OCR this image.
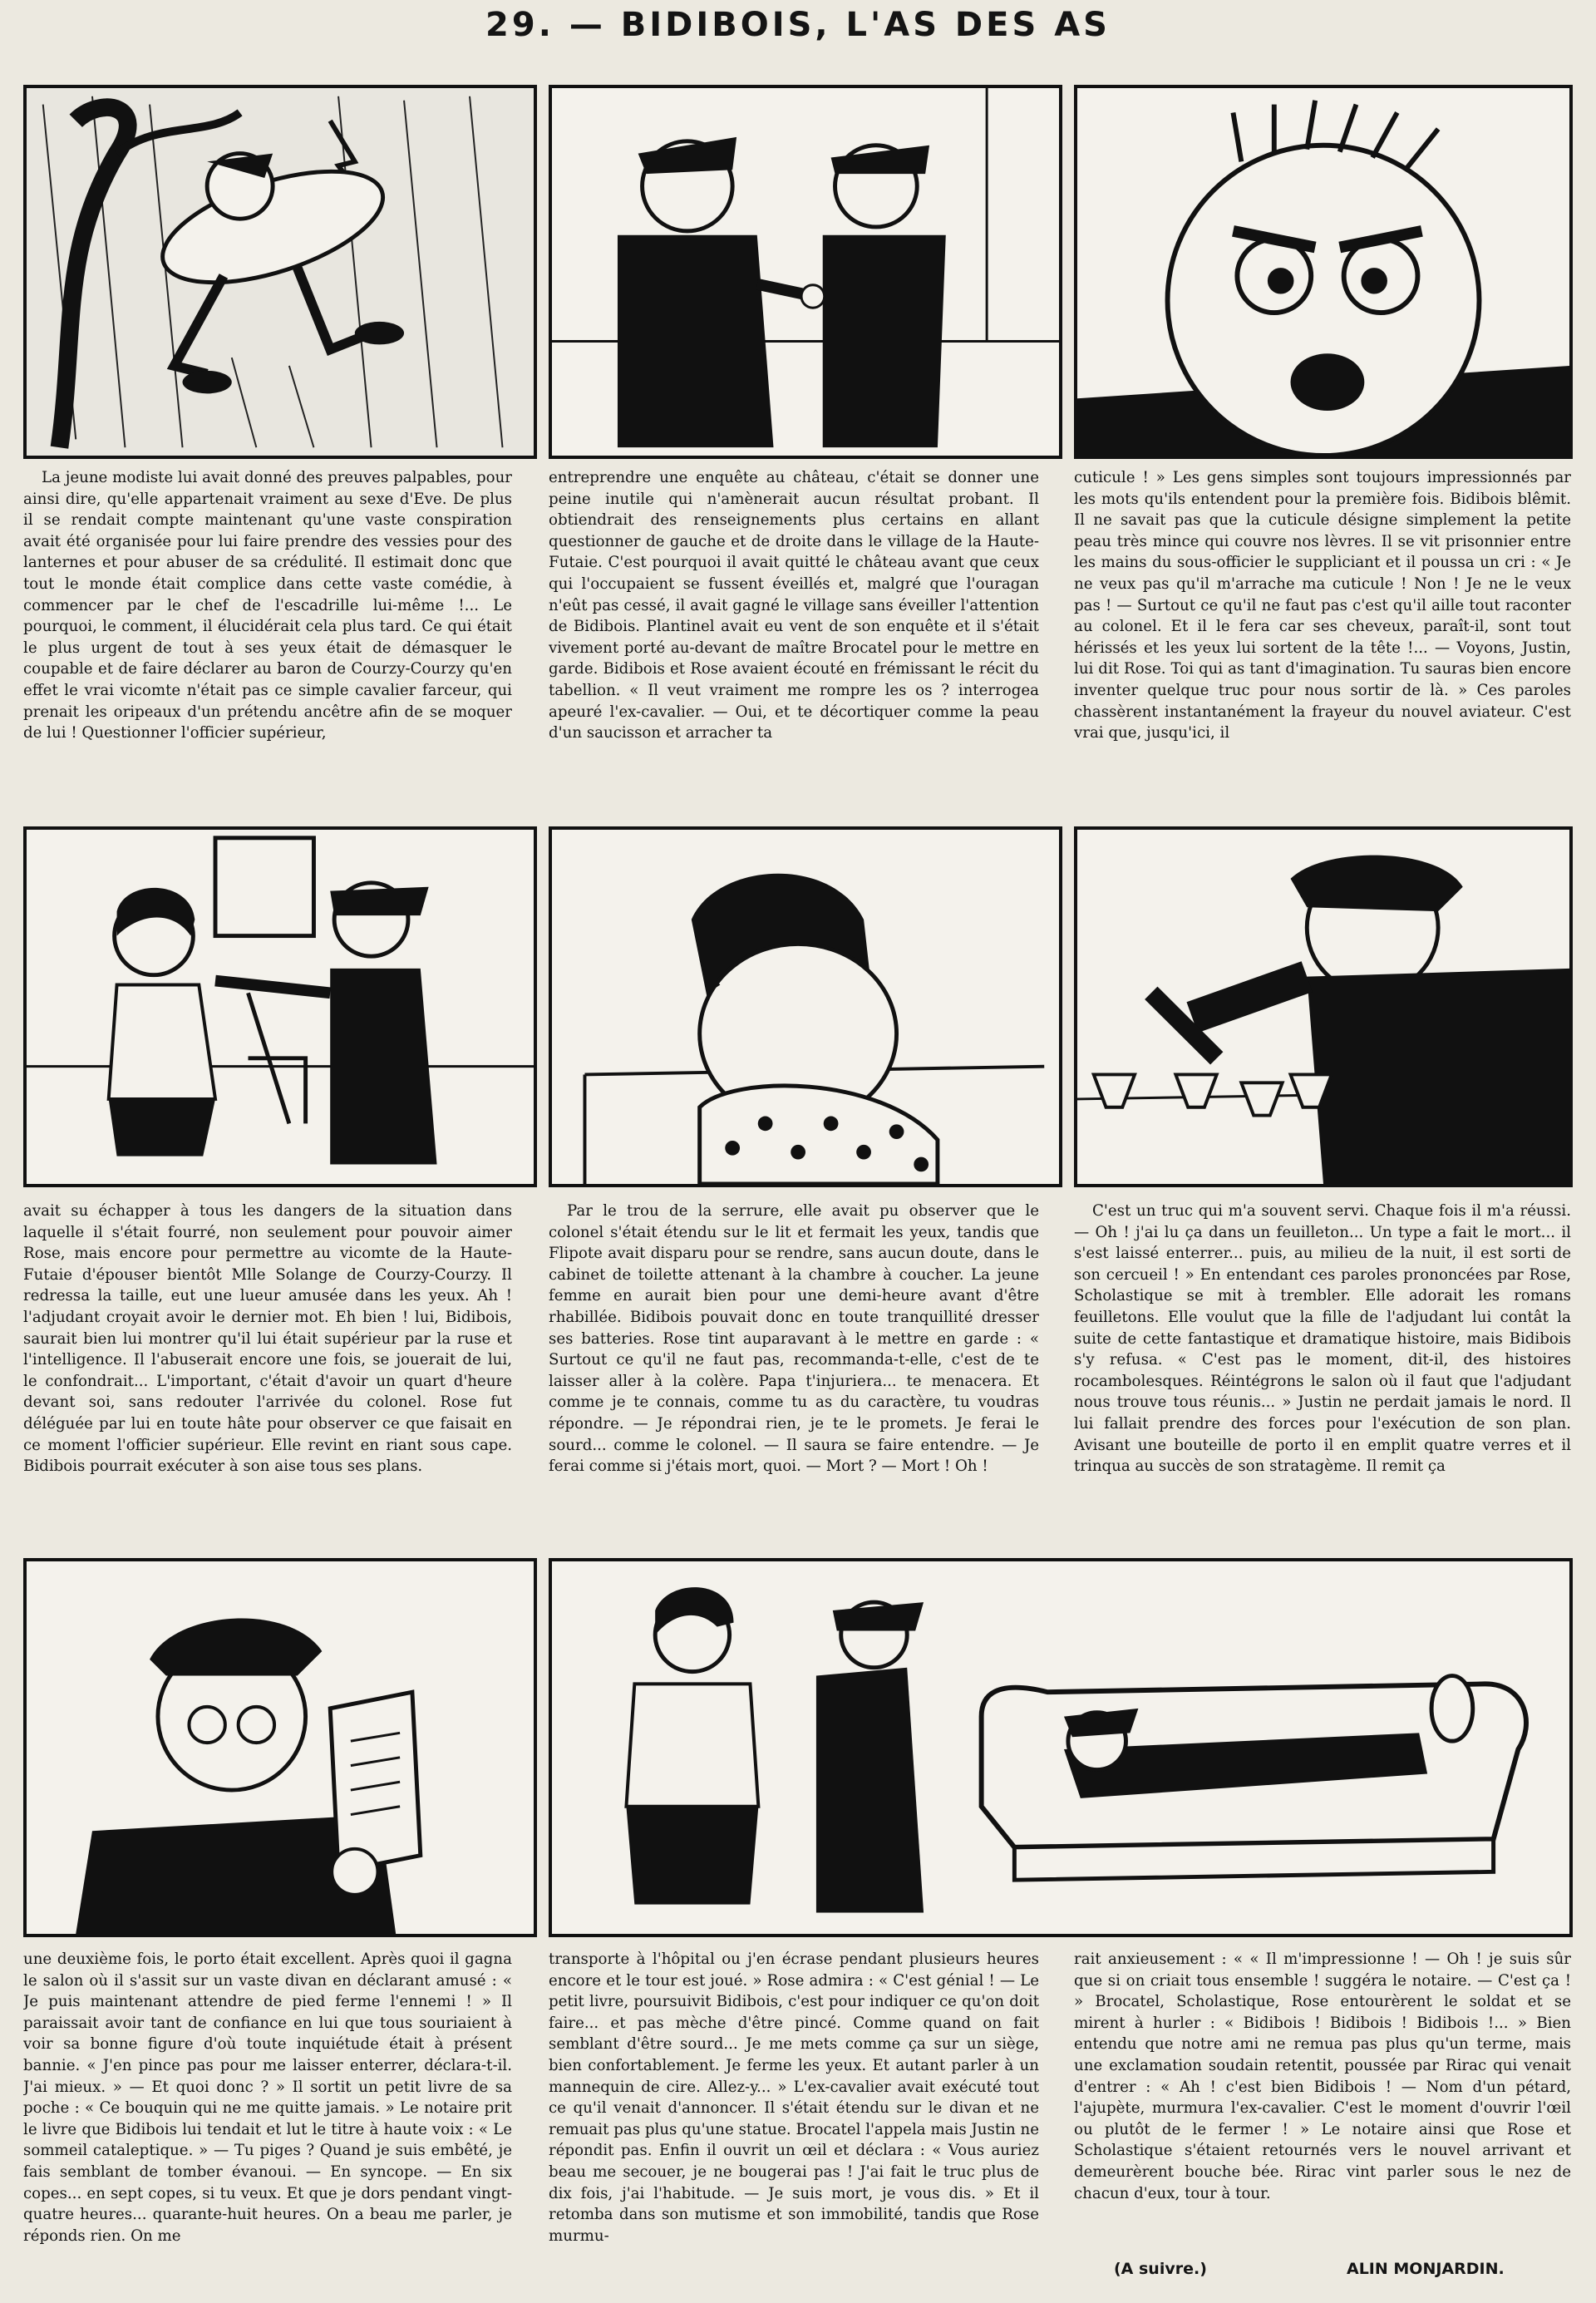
29. — BIDIBOIS, L'AS DES AS

La jeune modiste lui avait donné des preuves palpables, pour ainsi dire, qu'elle appartenait vraiment au sexe d'Eve. De plus il se rendait compte maintenant qu'une vaste conspiration avait été organisée pour lui faire prendre des vessies pour des lanternes et pour abuser de sa crédulité. Il estimait donc que tout le monde était complice dans cette vaste comédie, à commencer par le chef de l'escadrille lui-même !... Le pourquoi, le comment, il élucidérait cela plus tard. Ce qui était le plus urgent de tout à ses yeux était de démasquer le coupable et de faire déclarer au baron de Courzy-Courzy qu'en effet le vrai vicomte n'était pas ce simple cavalier farceur, qui prenait les oripeaux d'un prétendu ancêtre afin de se moquer de lui ! Questionner l'officier supérieur,

entreprendre une enquête au château, c'était se donner une peine inutile qui n'amènerait aucun résultat probant. Il obtiendrait des renseignements plus certains en allant questionner de gauche et de droite dans le village de la Haute-Futaie. C'est pourquoi il avait quitté le château avant que ceux qui l'occupaient se fussent éveillés et, malgré que l'ouragan n'eût pas cessé, il avait gagné le village sans éveiller l'attention de Bidibois. Plantinel avait eu vent de son enquête et il s'était vivement porté au-devant de maître Brocatel pour le mettre en garde. Bidibois et Rose avaient écouté en frémissant le récit du tabellion. « Il veut vraiment me rompre les os ? interrogea apeuré l'ex-cavalier. — Oui, et te décortiquer comme la peau d'un saucisson et arracher ta

cuticule ! » Les gens simples sont toujours impressionnés par les mots qu'ils entendent pour la première fois. Bidibois blêmit. Il ne savait pas que la cuticule désigne simplement la petite peau très mince qui couvre nos lèvres. Il se vit prisonnier entre les mains du sous-officier le suppliciant et il poussa un cri : « Je ne veux pas qu'il m'arrache ma cuticule ! Non ! Je ne le veux pas ! — Surtout ce qu'il ne faut pas c'est qu'il aille tout raconter au colonel. Et il le fera car ses cheveux, paraît-il, sont tout hérissés et les yeux lui sortent de la tête !... — Voyons, Justin, lui dit Rose. Toi qui as tant d'imagination. Tu sauras bien encore inventer quelque truc pour nous sortir de là. » Ces paroles chassèrent instantanément la frayeur du nouvel aviateur. C'est vrai que, jusqu'ici, il

avait su échapper à tous les dangers de la situation dans laquelle il s'était fourré, non seulement pour pouvoir aimer Rose, mais encore pour permettre au vicomte de la Haute-Futaie d'épouser bientôt Mlle Solange de Courzy-Courzy. Il redressa la taille, eut une lueur amusée dans les yeux. Ah ! l'adjudant croyait avoir le dernier mot. Eh bien ! lui, Bidibois, saurait bien lui montrer qu'il lui était supérieur par la ruse et l'intelligence. Il l'abuserait encore une fois, se jouerait de lui, le confondrait... L'important, c'était d'avoir un quart d'heure devant soi, sans redouter l'arrivée du colonel. Rose fut déléguée par lui en toute hâte pour observer ce que faisait en ce moment l'officier supérieur. Elle revint en riant sous cape. Bidibois pourrait exécuter à son aise tous ses plans.

Par le trou de la serrure, elle avait pu observer que le colonel s'était étendu sur le lit et fermait les yeux, tandis que Flipote avait disparu pour se rendre, sans aucun doute, dans le cabinet de toilette attenant à la chambre à coucher. La jeune femme en aurait bien pour une demi-heure avant d'être rhabillée. Bidibois pouvait donc en toute tranquillité dresser ses batteries. Rose tint auparavant à le mettre en garde : « Surtout ce qu'il ne faut pas, recommanda-t-elle, c'est de te laisser aller à la colère. Papa t'injuriera... te menacera. Et comme je te connais, comme tu as du caractère, tu voudras répondre. — Je répondrai rien, je te le promets. Je ferai le sourd... comme le colonel. — Il saura se faire entendre. — Je ferai comme si j'étais mort, quoi. — Mort ? — Mort ! Oh !

C'est un truc qui m'a souvent servi. Chaque fois il m'a réussi. — Oh ! j'ai lu ça dans un feuilleton... Un type a fait le mort... il s'est laissé enterrer... puis, au milieu de la nuit, il est sorti de son cercueil ! » En entendant ces paroles prononcées par Rose, Scholastique se mit à trembler. Elle adorait les romans feuilletons. Elle voulut que la fille de l'adjudant lui contât la suite de cette fantastique et dramatique histoire, mais Bidibois s'y refusa. « C'est pas le moment, dit-il, des histoires rocambolesques. Réintégrons le salon où il faut que l'adjudant nous trouve tous réunis... » Justin ne perdait jamais le nord. Il lui fallait prendre des forces pour l'exécution de son plan. Avisant une bouteille de porto il en emplit quatre verres et il trinqua au succès de son stratagème. Il remit ça

une deuxième fois, le porto était excellent. Après quoi il gagna le salon où il s'assit sur un vaste divan en déclarant amusé : « Je puis maintenant attendre de pied ferme l'ennemi ! » Il paraissait avoir tant de confiance en lui que tous souriaient à voir sa bonne figure d'où toute inquiétude était à présent bannie. « J'en pince pas pour me laisser enterrer, déclara-t-il. J'ai mieux. » — Et quoi donc ? » Il sortit un petit livre de sa poche : « Ce bouquin qui ne me quitte jamais. » Le notaire prit le livre que Bidibois lui tendait et lut le titre à haute voix : « Le sommeil cataleptique. » — Tu piges ? Quand je suis embêté, je fais semblant de tomber évanoui. — En syncope. — En six copes... en sept copes, si tu veux. Et que je dors pendant vingt-quatre heures... quarante-huit heures. On a beau me parler, je réponds rien. On me

transporte à l'hôpital ou j'en écrase pendant plusieurs heures encore et le tour est joué. » Rose admira : « C'est génial ! — Le petit livre, poursuivit Bidibois, c'est pour indiquer ce qu'on doit faire... et pas mèche d'être pincé. Comme quand on fait semblant d'être sourd... Je me mets comme ça sur un siège, bien confortablement. Je ferme les yeux. Et autant parler à un mannequin de cire. Allez-y... » L'ex-cavalier avait exécuté tout ce qu'il venait d'annoncer. Il s'était étendu sur le divan et ne remuait pas plus qu'une statue. Brocatel l'appela mais Justin ne répondit pas. Enfin il ouvrit un œil et déclara : « Vous auriez beau me secouer, je ne bougerai pas ! J'ai fait le truc plus de dix fois, j'ai l'habitude. — Je suis mort, je vous dis. » Et il retomba dans son mutisme et son immobilité, tandis que Rose murmu-

rait anxieusement : « « Il m'impressionne ! — Oh ! je suis sûr que si on criait tous ensemble ! suggéra le notaire. — C'est ça ! » Brocatel, Scholastique, Rose entourèrent le soldat et se mirent à hurler : « Bidibois ! Bidibois ! Bidibois !... » Bien entendu que notre ami ne remua pas plus qu'un terme, mais une exclamation soudain retentit, poussée par Rirac qui venait d'entrer : « Ah ! c'est bien Bidibois ! — Nom d'un pétard, l'ajupète, murmura l'ex-cavalier. C'est le moment d'ouvrir l'œil ou plutôt de le fermer ! » Le notaire ainsi que Rose et Scholastique s'étaient retournés vers le nouvel arrivant et demeurèrent bouche bée. Rirac vint parler sous le nez de chacun d'eux, tour à tour.

(A suivre.)	ALIN MONJARDIN.
